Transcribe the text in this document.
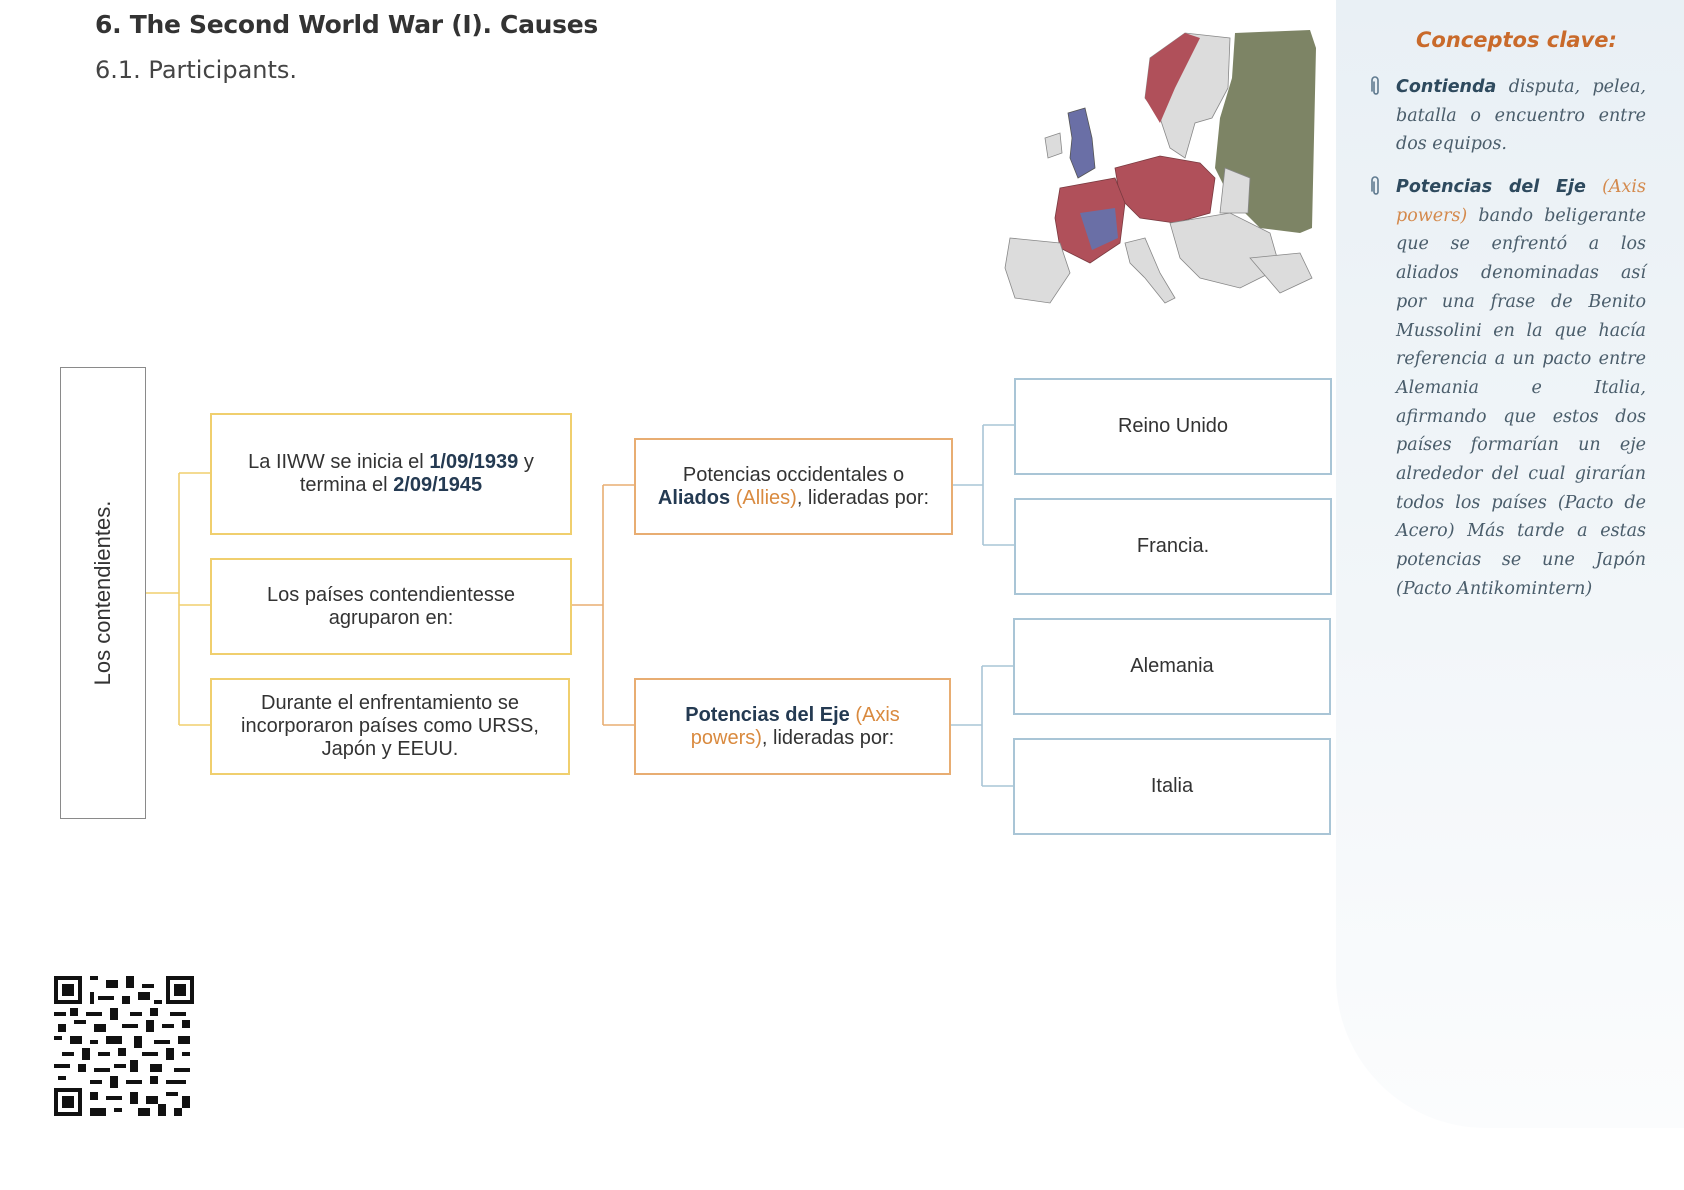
6. The Second World War (I). Causes
6.1. Participants.
Los contendientes.
La IIWW se inicia el 1/09/1939 y termina el 2/09/1945
Los países contendientesse agruparon en:
Durante el enfrentamiento se incorporaron países como URSS, Japón y EEUU.
Potencias occidentales o
Aliados (Allies), lideradas por:
Potencias del Eje (Axis powers), lideradas por:
Reino Unido
Francia.
Alemania
Italia
Conceptos clave:
Contienda disputa, pelea, batalla o encuentro entre dos equipos.
Potencias del Eje (Axis powers) bando beligerante que se enfrentó a los aliados denominadas así por una frase de Benito Mussolini en la que hacía referencia a un pacto entre Alemania e Italia, afirmando que estos dos países formarían un eje alrededor del cual girarían todos los países (Pacto de Acero) Más tarde a estas potencias se une Japón (Pacto Antikomintern)
